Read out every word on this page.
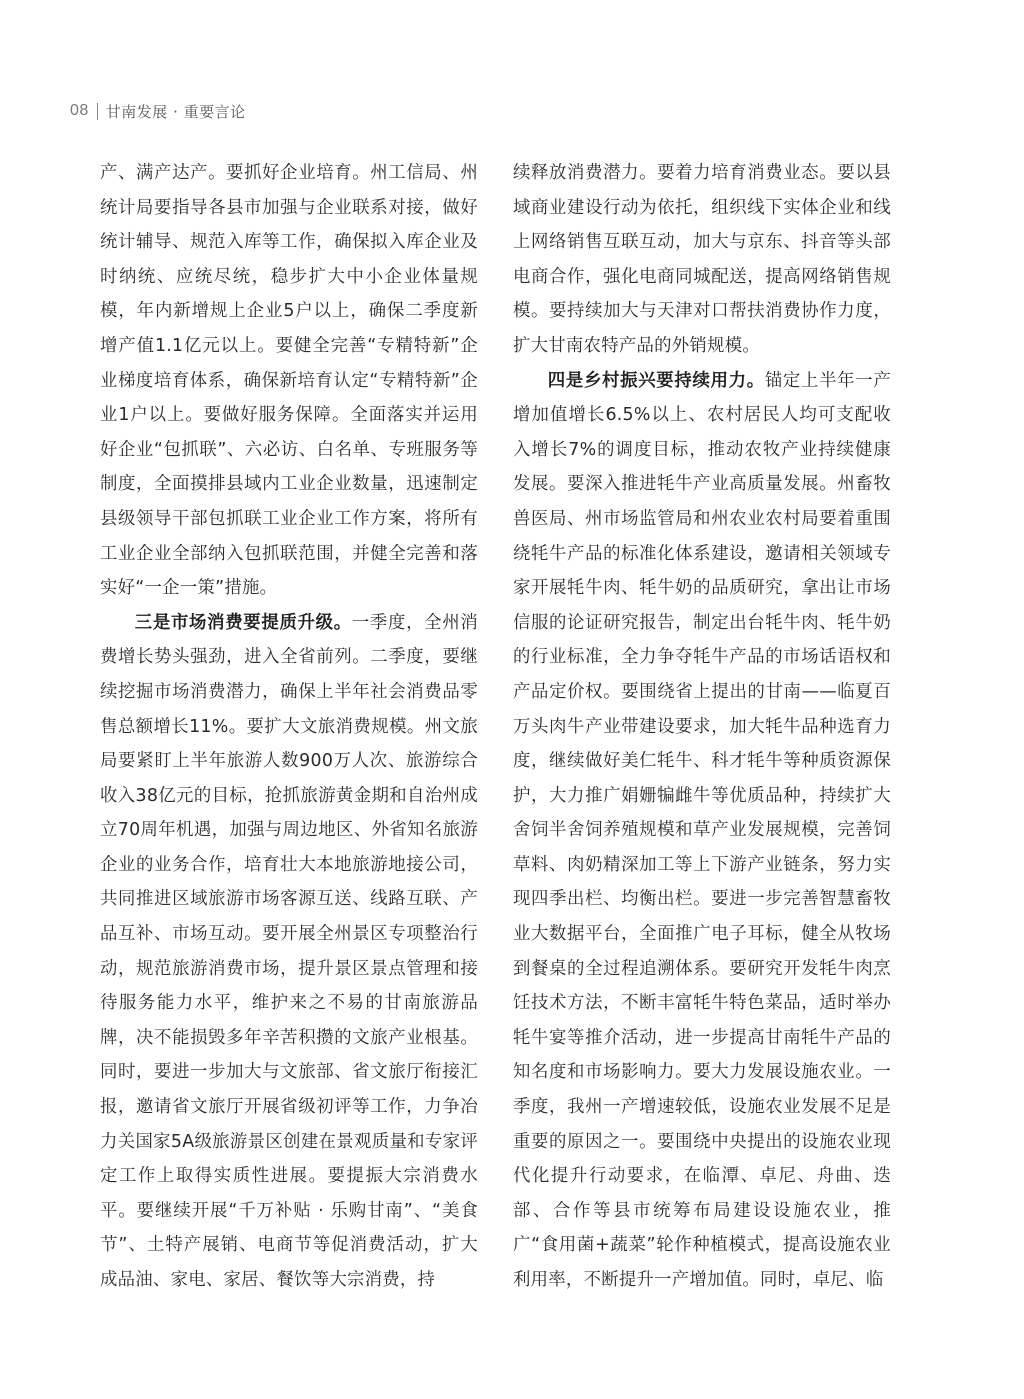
08 甘南发展 · 重要言论

产、满产达产。要抓好企业培育。州工信局、州统计局要指导各县市加强与企业联系对接，做好统计辅导、规范入库等工作，确保拟入库企业及时纳统、应统尽统，稳步扩大中小企业体量规模，年内新增规上企业5户以上，确保二季度新增产值1.1亿元以上。要健全完善“专精特新”企业梯度培育体系，确保新培育认定“专精特新”企业1户以上。要做好服务保障。全面落实并运用好企业“包抓联”、六必访、白名单、专班服务等制度，全面摸排县域内工业企业数量，迅速制定县级领导干部包抓联工业企业工作方案，将所有工业企业全部纳入包抓联范围，并健全完善和落实好“一企一策”措施。

三是市场消费要提质升级。一季度，全州消费增长势头强劲，进入全省前列。二季度，要继续挖掘市场消费潜力，确保上半年社会消费品零售总额增长11%。要扩大文旅消费规模。州文旅局要紧盯上半年旅游人数900万人次、旅游综合收入38亿元的目标，抢抓旅游黄金期和自治州成立70周年机遇，加强与周边地区、外省知名旅游企业的业务合作，培育壮大本地旅游地接公司，共同推进区域旅游市场客源互送、线路互联、产品互补、市场互动。要开展全州景区专项整治行动，规范旅游消费市场，提升景区景点管理和接待服务能力水平，维护来之不易的甘南旅游品牌，决不能损毁多年辛苦积攒的文旅产业根基。同时，要进一步加大与文旅部、省文旅厅衔接汇报，邀请省文旅厅开展省级初评等工作，力争冶力关国家5A级旅游景区创建在景观质量和专家评定工作上取得实质性进展。要提振大宗消费水平。要继续开展“千万补贴 · 乐购甘南”、“美食节”、土特产展销、电商节等促消费活动，扩大成品油、家电、家居、餐饮等大宗消费，持

续释放消费潜力。要着力培育消费业态。要以县域商业建设行动为依托，组织线下实体企业和线上网络销售互联互动，加大与京东、抖音等头部电商合作，强化电商同城配送，提高网络销售规模。要持续加大与天津对口帮扶消费协作力度，扩大甘南农特产品的外销规模。

四是乡村振兴要持续用力。锚定上半年一产增加值增长6.5%以上、农村居民人均可支配收入增长7%的调度目标，推动农牧产业持续健康发展。要深入推进牦牛产业高质量发展。州畜牧兽医局、州市场监管局和州农业农村局要着重围绕牦牛产品的标准化体系建设，邀请相关领域专家开展牦牛肉、牦牛奶的品质研究，拿出让市场信服的论证研究报告，制定出台牦牛肉、牦牛奶的行业标准，全力争夺牦牛产品的市场话语权和产品定价权。要围绕省上提出的甘南——临夏百万头肉牛产业带建设要求，加大牦牛品种选育力度，继续做好美仁牦牛、科才牦牛等种质资源保护，大力推广娟姗犏雌牛等优质品种，持续扩大舍饲半舍饲养殖规模和草产业发展规模，完善饲草料、肉奶精深加工等上下游产业链条，努力实现四季出栏、均衡出栏。要进一步完善智慧畜牧业大数据平台，全面推广电子耳标，健全从牧场到餐桌的全过程追溯体系。要研究开发牦牛肉烹饪技术方法，不断丰富牦牛特色菜品，适时举办牦牛宴等推介活动，进一步提高甘南牦牛产品的知名度和市场影响力。要大力发展设施农业。一季度，我州一产增速较低，设施农业发展不足是重要的原因之一。要围绕中央提出的设施农业现代化提升行动要求，在临潭、卓尼、舟曲、迭部、合作等县市统筹布局建设设施农业，推广“食用菌+蔬菜”轮作种植模式，提高设施农业利用率，不断提升一产增加值。同时，卓尼、临
